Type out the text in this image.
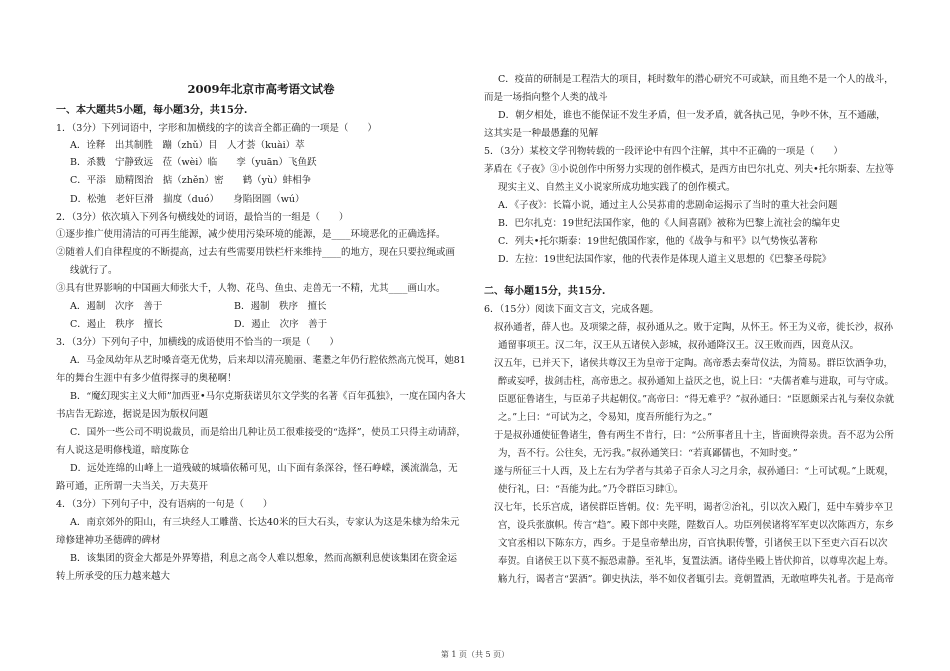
2009年北京市高考语文试卷
一、本大题共5小题，每小题3分，共15分.
1．（3分）下列词语中，字形和加横线的字的读音全都正确的一项是（　　）
A．诠释　出其制胜　蹦（zhǔ）目　人才荟（kuài）萃
B．杀戮　宁静致远　莅（wèi）临　　孪（yuān）飞鱼跃
C．平添　励精图治　掂（zhěn）密　　鹤（yù）蚌相争
D．松弛　老奸巨滑　揣度（duó）　　身陷囹圄（wú）
2．（3分）依次填入下列各句横线处的词语，最恰当的一组是（　　）
①逐步推广使用清洁的可再生能源，减少使用污染环境的能源，是____环境恶化的正确选择。
②随着人们自律程度的不断提高，过去有些需要用铁栏杆来维持____的地方，现在只要拉绳或画
线就行了。
③具有世界影响的中国画大师张大千，人物、花鸟、鱼虫、走兽无一不精，尤其____画山水。
A．遏制　次序　善于	B．遏制　秩序　擅长
C．遏止　秩序　擅长	D．遏止　次序　善于
3．（3分）下列句子中，加横线的成语使用不恰当的一项是（　　）
A．马金凤幼年从艺时嗓音毫无优势，后来却以清亮脆丽、耄耋之年仍行腔依然高亢悦耳，她81
年的舞台生涯中有多少值得探寻的奥秘啊！
B．“魔幻现实主义大师”加西亚•马尔克斯获诺贝尔文学奖的名著《百年孤独》，一度在国内各大
书店告无踪迹，据说是因为版权问题
C．国外一些公司不明说裁员，而是给出几种让员工很难接受的“选择”，使员工只得主动请辞，
有人说这是明修栈道，暗度陈仓
D．远处连绵的山峰上一道残破的城墙依稀可见，山下面有条深谷，怪石峥嵘，溪流湍急，无
路可通，正所谓一夫当关，万夫莫开
4．（3分）下列句子中，没有语病的一句是（　　）
A．南京郊外的阳山，有三块经人工雕凿、长达40米的巨大石头，专家认为这是朱棣为给朱元
璋修建神功圣德碑的碑材
B．该集团的资金大都是外界筹措，利息之高令人难以想象，然而高额利息使该集团在资金运
转上所承受的压力越来越大
C．疫苗的研制是工程浩大的项目，耗时数年的潜心研究不可或缺，而且绝不是一个人的战斗，
而是一场指向整个人类的战斗
D．朝夕相处，谁也不能保证不发生矛盾，但一发矛盾，就各执己见，争吵不休，互不通融，
这其实是一种最愚蠢的见解
5．（3分）某校文学刊物转载的一段评论中有四个注解，其中不正确的一项是（　　）
茅盾在《子夜》③小说创作中所努力实现的创作模式，是西方由巴尔扎克、列夫•托尔斯泰、左拉等
现实主义、自然主义小说家所成功地实践了的创作模式。
A．《子夜》：长篇小说，通过主人公吴荪甫的悲剧命运揭示了当时的重大社会问题
B．巴尔扎克：19世纪法国作家，他的《人间喜剧》被称为巴黎上流社会的编年史
C．列夫•托尔斯泰：19世纪俄国作家，他的《战争与和平》以气势恢弘著称
D．左拉：19世纪法国作家，他的代表作是体现人道主义思想的《巴黎圣母院》
二、每小题15分，共15分.
6．（15分）阅读下面文言文，完成各题。
叔孙通者，薛人也。及项梁之薛，叔孙通从之。败于定陶，从怀王。怀王为义帝，徙长沙，叔孙
通留事项王。汉二年，汉王从五诸侯入彭城，叔孙通降汉王。汉王败而西，因竟从汉。
汉五年，已并天下，诸侯共尊汉王为皇帝于定陶。高帝悉去秦苛仪法，为简易。群臣饮酒争功，
醉或妄呼，拔剑击柱，高帝患之。叔孙通知上益厌之也，说上曰：“夫儒者难与进取，可与守成。
臣愿征鲁诸生，与臣弟子共起朝仪。”高帝曰：“得无难乎？”叔孙通曰：“臣愿颇采古礼与秦仪杂就
之。”上曰：“可试为之，令易知，度吾所能行为之。”
于是叔孙通使征鲁诸生，鲁有两生不肯行，曰：“公所事者且十主，皆面谀得亲贵。吾不忍为公所
为，吾不行。公往矣，无污我。”叔孙通笑曰：“若真鄙儒也，不知时变。”
遂与所征三十人西，及上左右为学者与其弟子百余人习之月余，叔孙通曰：“上可试观。”上既观，
使行礼，曰：“吾能为此。”乃令群臣习肆①。
汉七年，长乐宫成，诸侯群臣皆朝。仪：先平明，谒者②治礼，引以次入殿门，廷中车骑步卒卫
宫，设兵张旗帜。传言“趋”。殿下郎中夹陛，陛数百人。功臣列侯诸将军军吏以次陈西方，东乡
文官丞相以下陈东方，西乡。于是皇帝辇出房，百官执职传警，引诸侯王以下至吏六百石以次
奉贺。自诸侯王以下莫不振恐肃静。至礼毕，复置法酒。诸侍坐殿上皆伏抑首，以尊卑次起上寿。
觞九行，谒者言“罢酒”。御史执法，举不如仪者辄引去。竟朝置酒，无敢喧哗失礼者。于是高帝
第 1 页（共 5 页）
